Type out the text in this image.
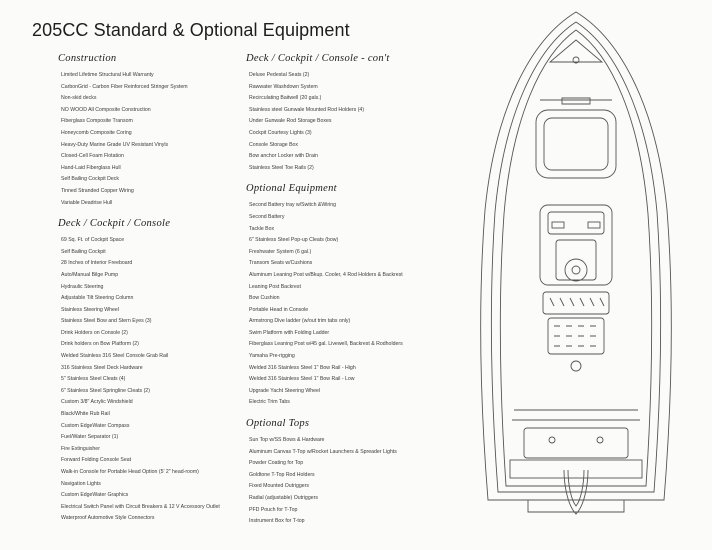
205CC Standard & Optional Equipment
Construction
Limited Lifetime Structural Hull Warranty
CarbonGrid - Carbon Fiber Reinforced Stringer System
Non-skid decks
NO WOOD All Composite Construction
Fiberglass Composite Transom
Honeycomb Composite Coring
Heavy-Duty Marine Grade UV Resistant Vinyls
Closed-Cell Foam Flotation
Hand-Laid Fiberglass Hull
Self Bailing Cockpit Deck
Tinned Stranded Copper Wiring
Variable Deadrise Hull
Deck / Cockpit / Console
69 Sq. Ft. of Cockpit Space
Self Bailing Cockpit
28 Inches of Interior Freeboard
Auto/Manual Bilge Pump
Hydraulic Steering
Adjustable Tilt Steering Column
Stainless Steering Wheel
Stainless Steel Bow and Stern Eyes (3)
Drink Holders on Console (2)
Drink holders on Bow Platform (2)
Welded Stainless 316 Steel Console Grab Rail
316 Stainless Steel Deck Hardware
5" Stainless Steel Cleats (4)
6" Stainless Steel Springline Cleats (2)
Custom 3/8" Acrylic Windshield
Black/White Rub Rail
Custom EdgeWater Compass
Fuel/Water Separator (1)
Fire Extinguisher
Forward Folding Console Seat
Walk-in Console for Portable Head Option (5' 2" head-room)
Navigation Lights
Custom EdgeWater Graphics
Electrical Switch Panel with Circuit Breakers & 12 V Accessory Outlet
Waterproof Automotive Style Connectors
Deck / Cockpit / Console - con't
Deluxe Pedestal Seats (2)
Rawwater Washdown System
Recirculating Baitwell (20 gals.)
Stainless steel Gunwale Mounted Rod Holders (4)
Under Gunwale Rod Storage Boxes
Cockpit Courtesy Lights (3)
Console Storage Box
Bow anchor Locker with Drain
Stainless Steel Toe Rails (2)
Optional Equipment
Second Battery tray w/Switch &Wiring
Second Battery
Tackle Box
6" Stainless Steel Pop-up Cleats (bow)
Freshwater System (6 gal.)
Transom Seats w/Cushions
Aluminum Leaning Post w/Bkup. Cooler, 4 Rod Holders & Backrest
Leaning Post Backrest
Bow Cushion
Portable Head in Console
Armstrong Dive ladder (w/out trim tabs only)
Swim Platform with Folding Ladder
Fiberglass Leaning Post w/45 gal. Livewell, Backrest & Rodholders
Yamaha Pre-rigging
Welded 316 Stainless Steel 1" Bow Rail - High
Welded 316 Stainless Steel 1" Bow Rail - Low
Upgrade Yacht Steering Wheel
Electric Trim Tabs
Optional Tops
Sun Top w/SS Bows & Hardware
Aluminum Canvas T-Top w/Rocket Launchers & Spreader Lights
Powder Coating for Top
Goldtone T-Top Rod Holders
Fixed Mounted Outriggers
Radial (adjustable) Outriggers
PFD Pouch for T-Top
Instrument Box for T-top
